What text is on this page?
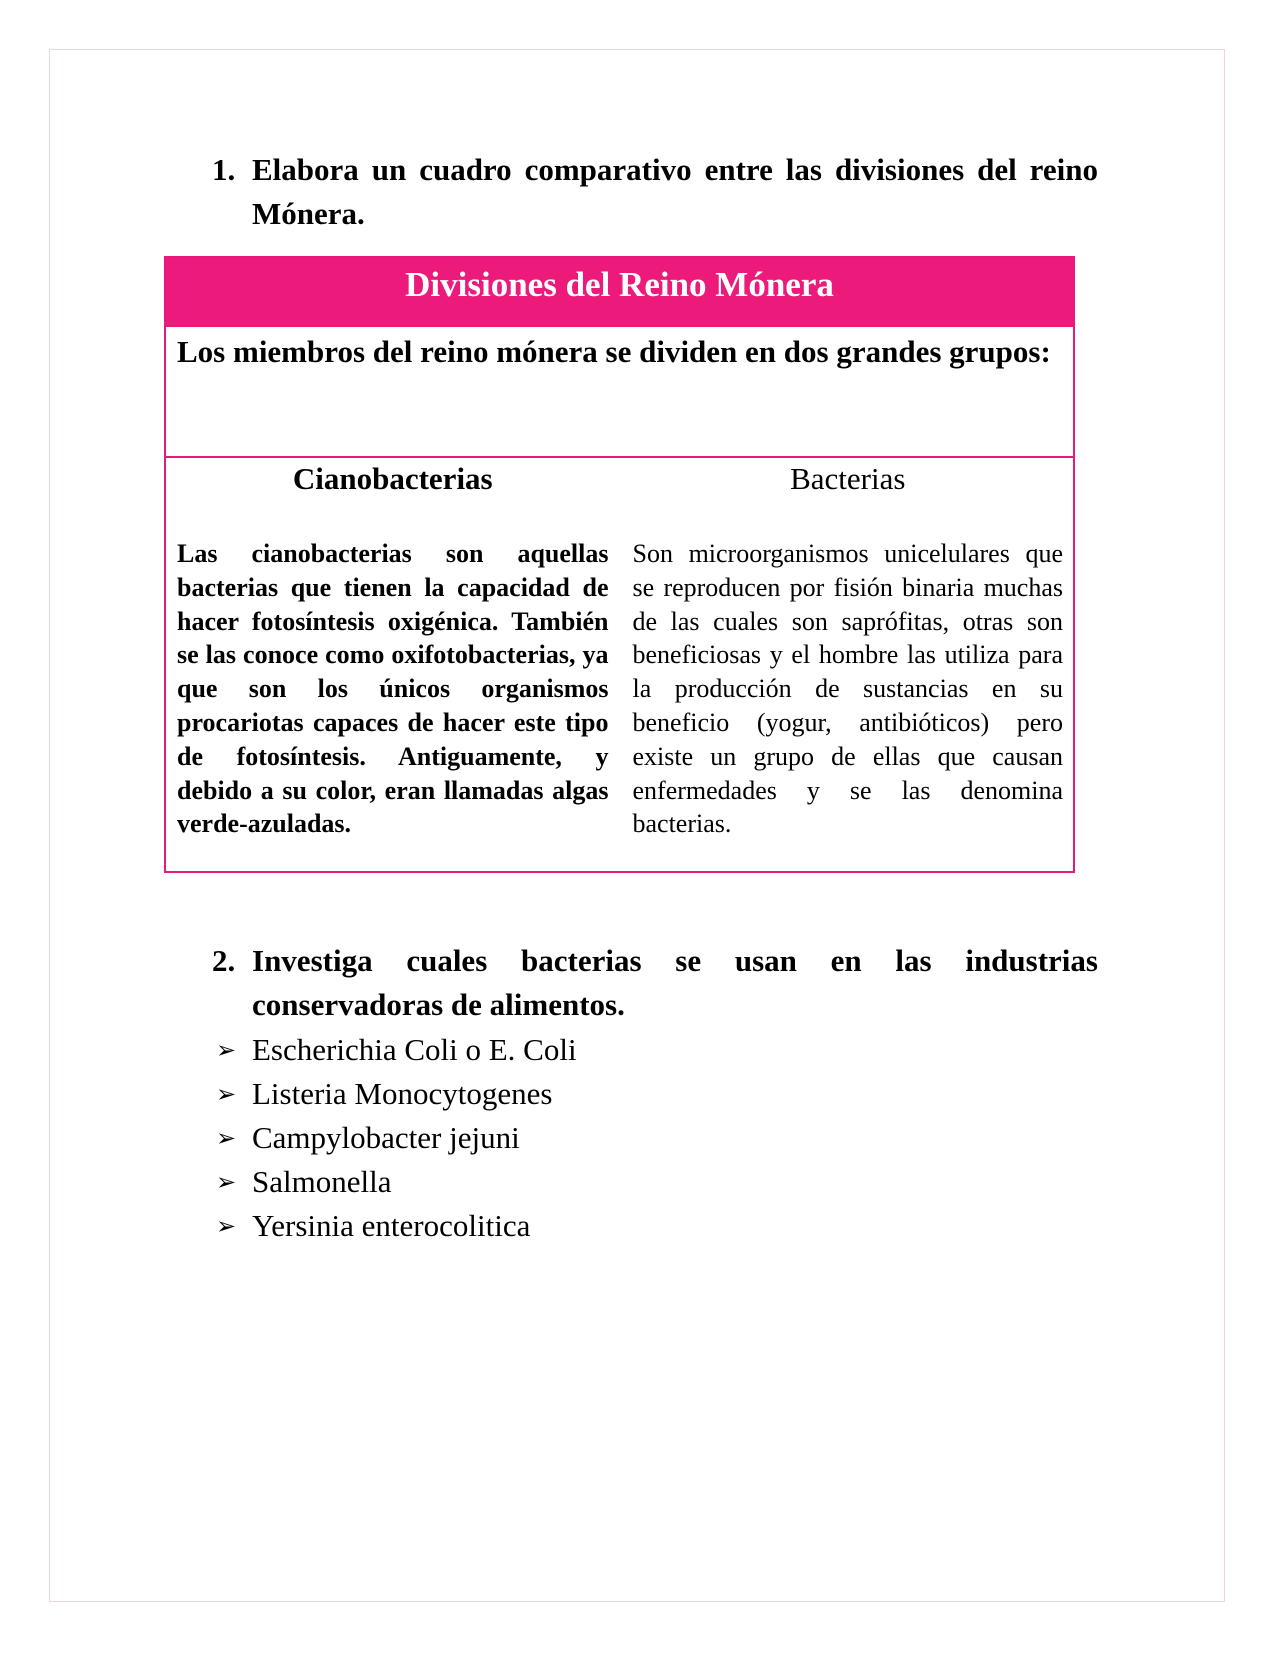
1. Elabora un cuadro comparativo entre las divisiones del reino Mónera.
Divisiones del Reino Mónera
Los miembros del reino mónera se dividen en dos grandes grupos:
Cianobacterias
Las cianobacterias son aquellas bacterias que tienen la capacidad de hacer fotosíntesis oxigénica. También se las conoce como oxifotobacterias, ya que son los únicos organismos procariotas capaces de hacer este tipo de fotosíntesis. Antiguamente, y debido a su color, eran llamadas algas verde-azuladas.
Bacterias
Son microorganismos unicelulares que se reproducen por fisión binaria muchas de las cuales son saprófitas, otras son beneficiosas y el hombre las utiliza para la producción de sustancias en su beneficio (yogur, antibióticos) pero existe un grupo de ellas que causan enfermedades y se las denomina bacterias.
2. Investiga cuales bacterias se usan en las industrias conservadoras de alimentos.
➢ Escherichia Coli o E. Coli
➢ Listeria Monocytogenes
➢ Campylobacter jejuni
➢ Salmonella
➢ Yersinia enterocolitica
